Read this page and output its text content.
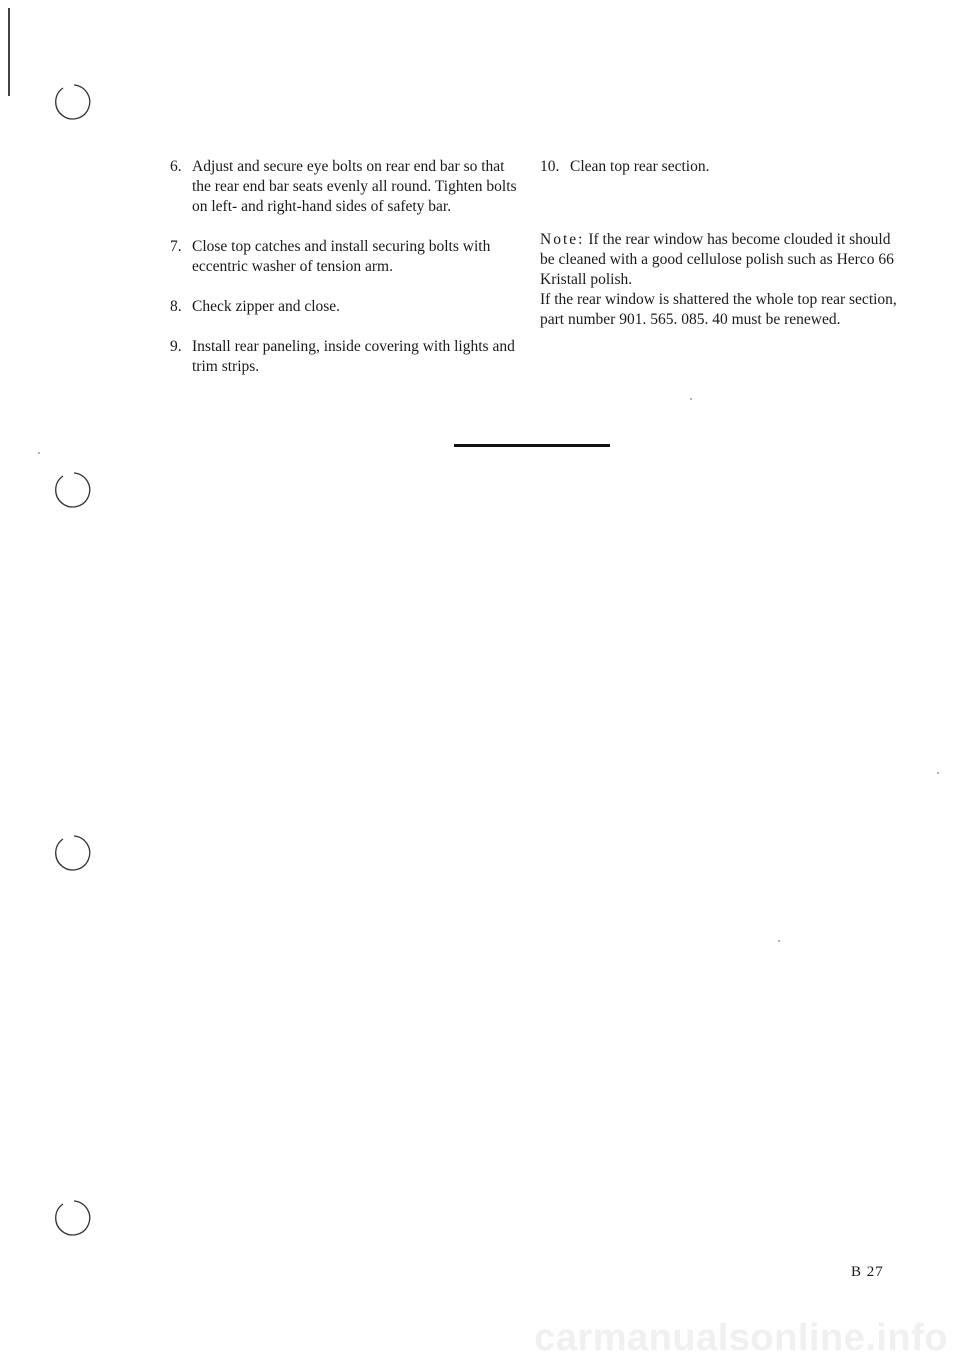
6. Adjust and secure eye bolts on rear end bar so that the rear end bar seats evenly all round. Tighten bolts on left- and right-hand sides of safety bar.
7. Close top catches and install securing bolts with eccentric washer of tension arm.
8. Check zipper and close.
9. Install rear paneling, inside covering with lights and trim strips.
10. Clean top rear section.
Note: If the rear window has become clouded it should be cleaned with a good cellulose polish such as Herco 66 Kristall polish.
If the rear window is shattered the whole top rear section, part number 901. 565. 085. 40 must be renewed.
B 27
carmanualsonline.info
